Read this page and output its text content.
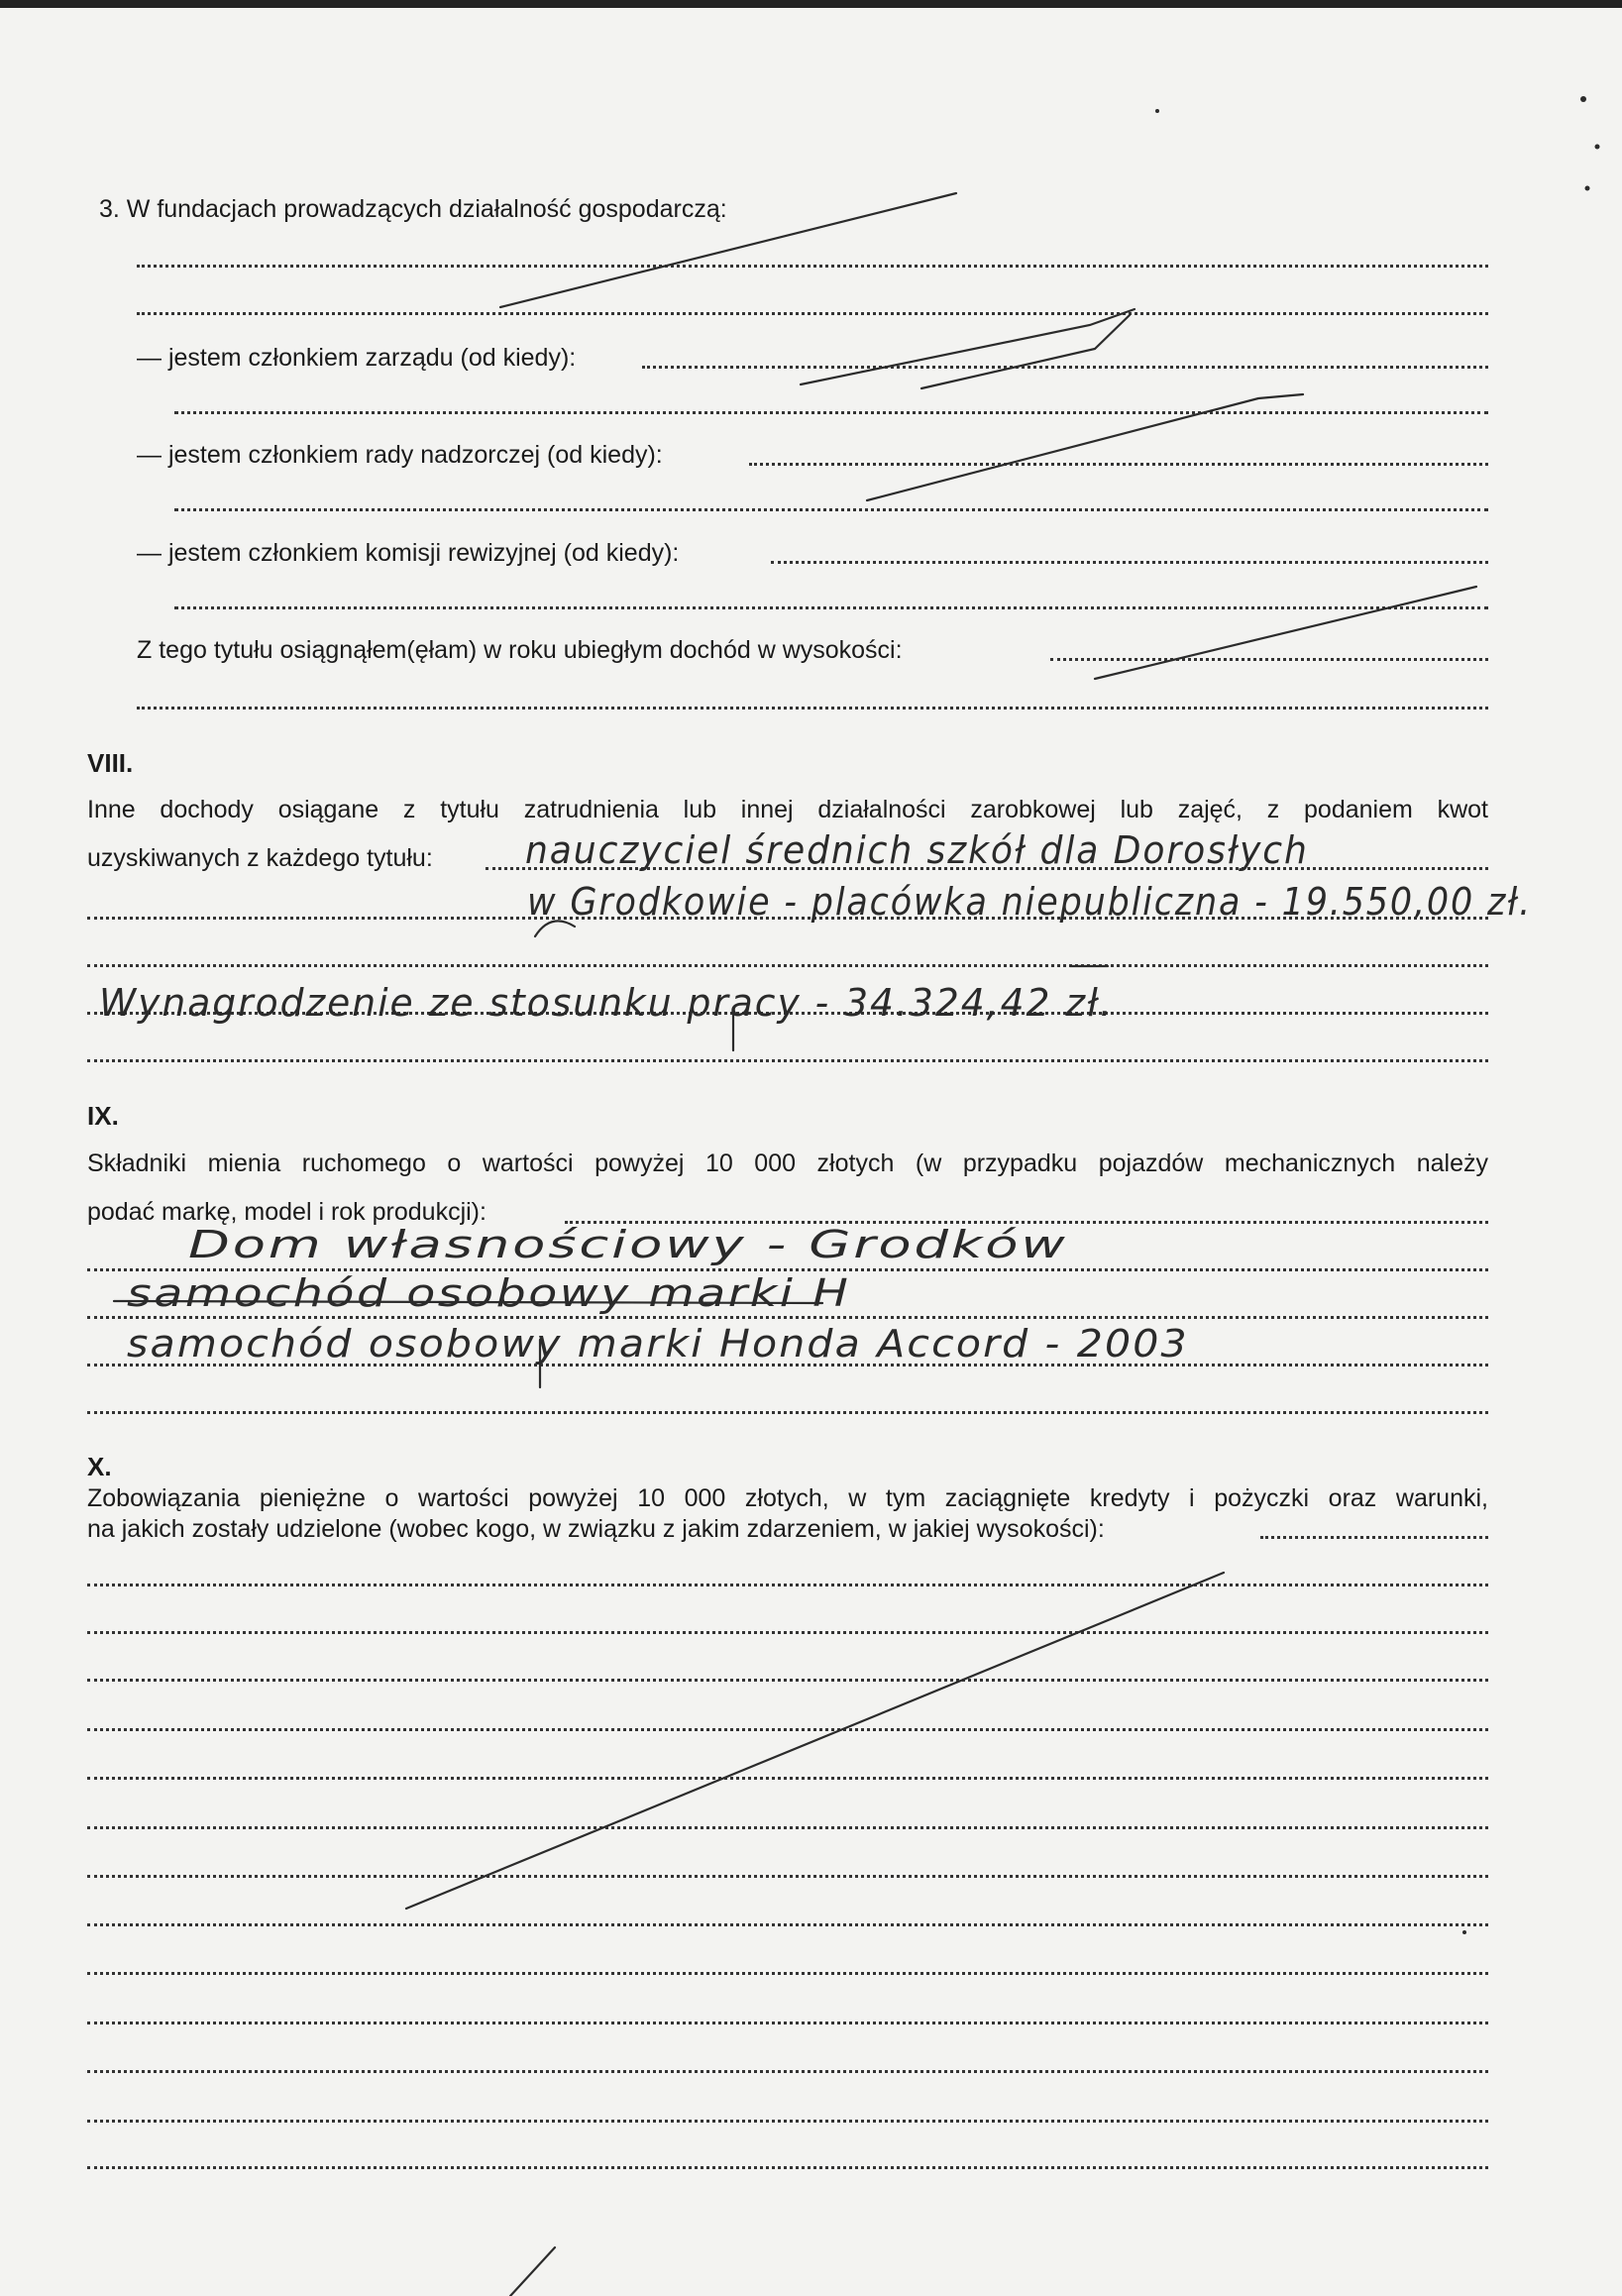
3. W fundacjach prowadzących działalność gospodarczą:
— jestem członkiem zarządu (od kiedy):
— jestem członkiem rady nadzorczej (od kiedy):
— jestem członkiem komisji rewizyjnej (od kiedy):
Z tego tytułu osiągnąłem(ęłam) w roku ubiegłym dochód w wysokości:
VIII.
Inne dochody osiągane z tytułu zatrudnienia lub innej działalności zarobkowej lub zajęć, z podaniem kwot
uzyskiwanych z każdego tytułu: nauczyciel średnich szkół dla Dorosłych
w Grodkowie - placówka niepubliczna - 19.550,00 zł.
Wynagrodzenie ze stosunku pracy - 34.324,42 zł.
IX.
Składniki mienia ruchomego o wartości powyżej 10 000 złotych (w przypadku pojazdów mechanicznych należy
podać markę, model i rok produkcji):
Dom własnościowy - Grodków
samochód osobowy marki H
samochód osobowy marki Honda Accord - 2003
X.
Zobowiązania pieniężne o wartości powyżej 10 000 złotych, w tym zaciągnięte kredyty i pożyczki oraz warunki,
na jakich zostały udzielone (wobec kogo, w związku z jakim zdarzeniem, w jakiej wysokości):
